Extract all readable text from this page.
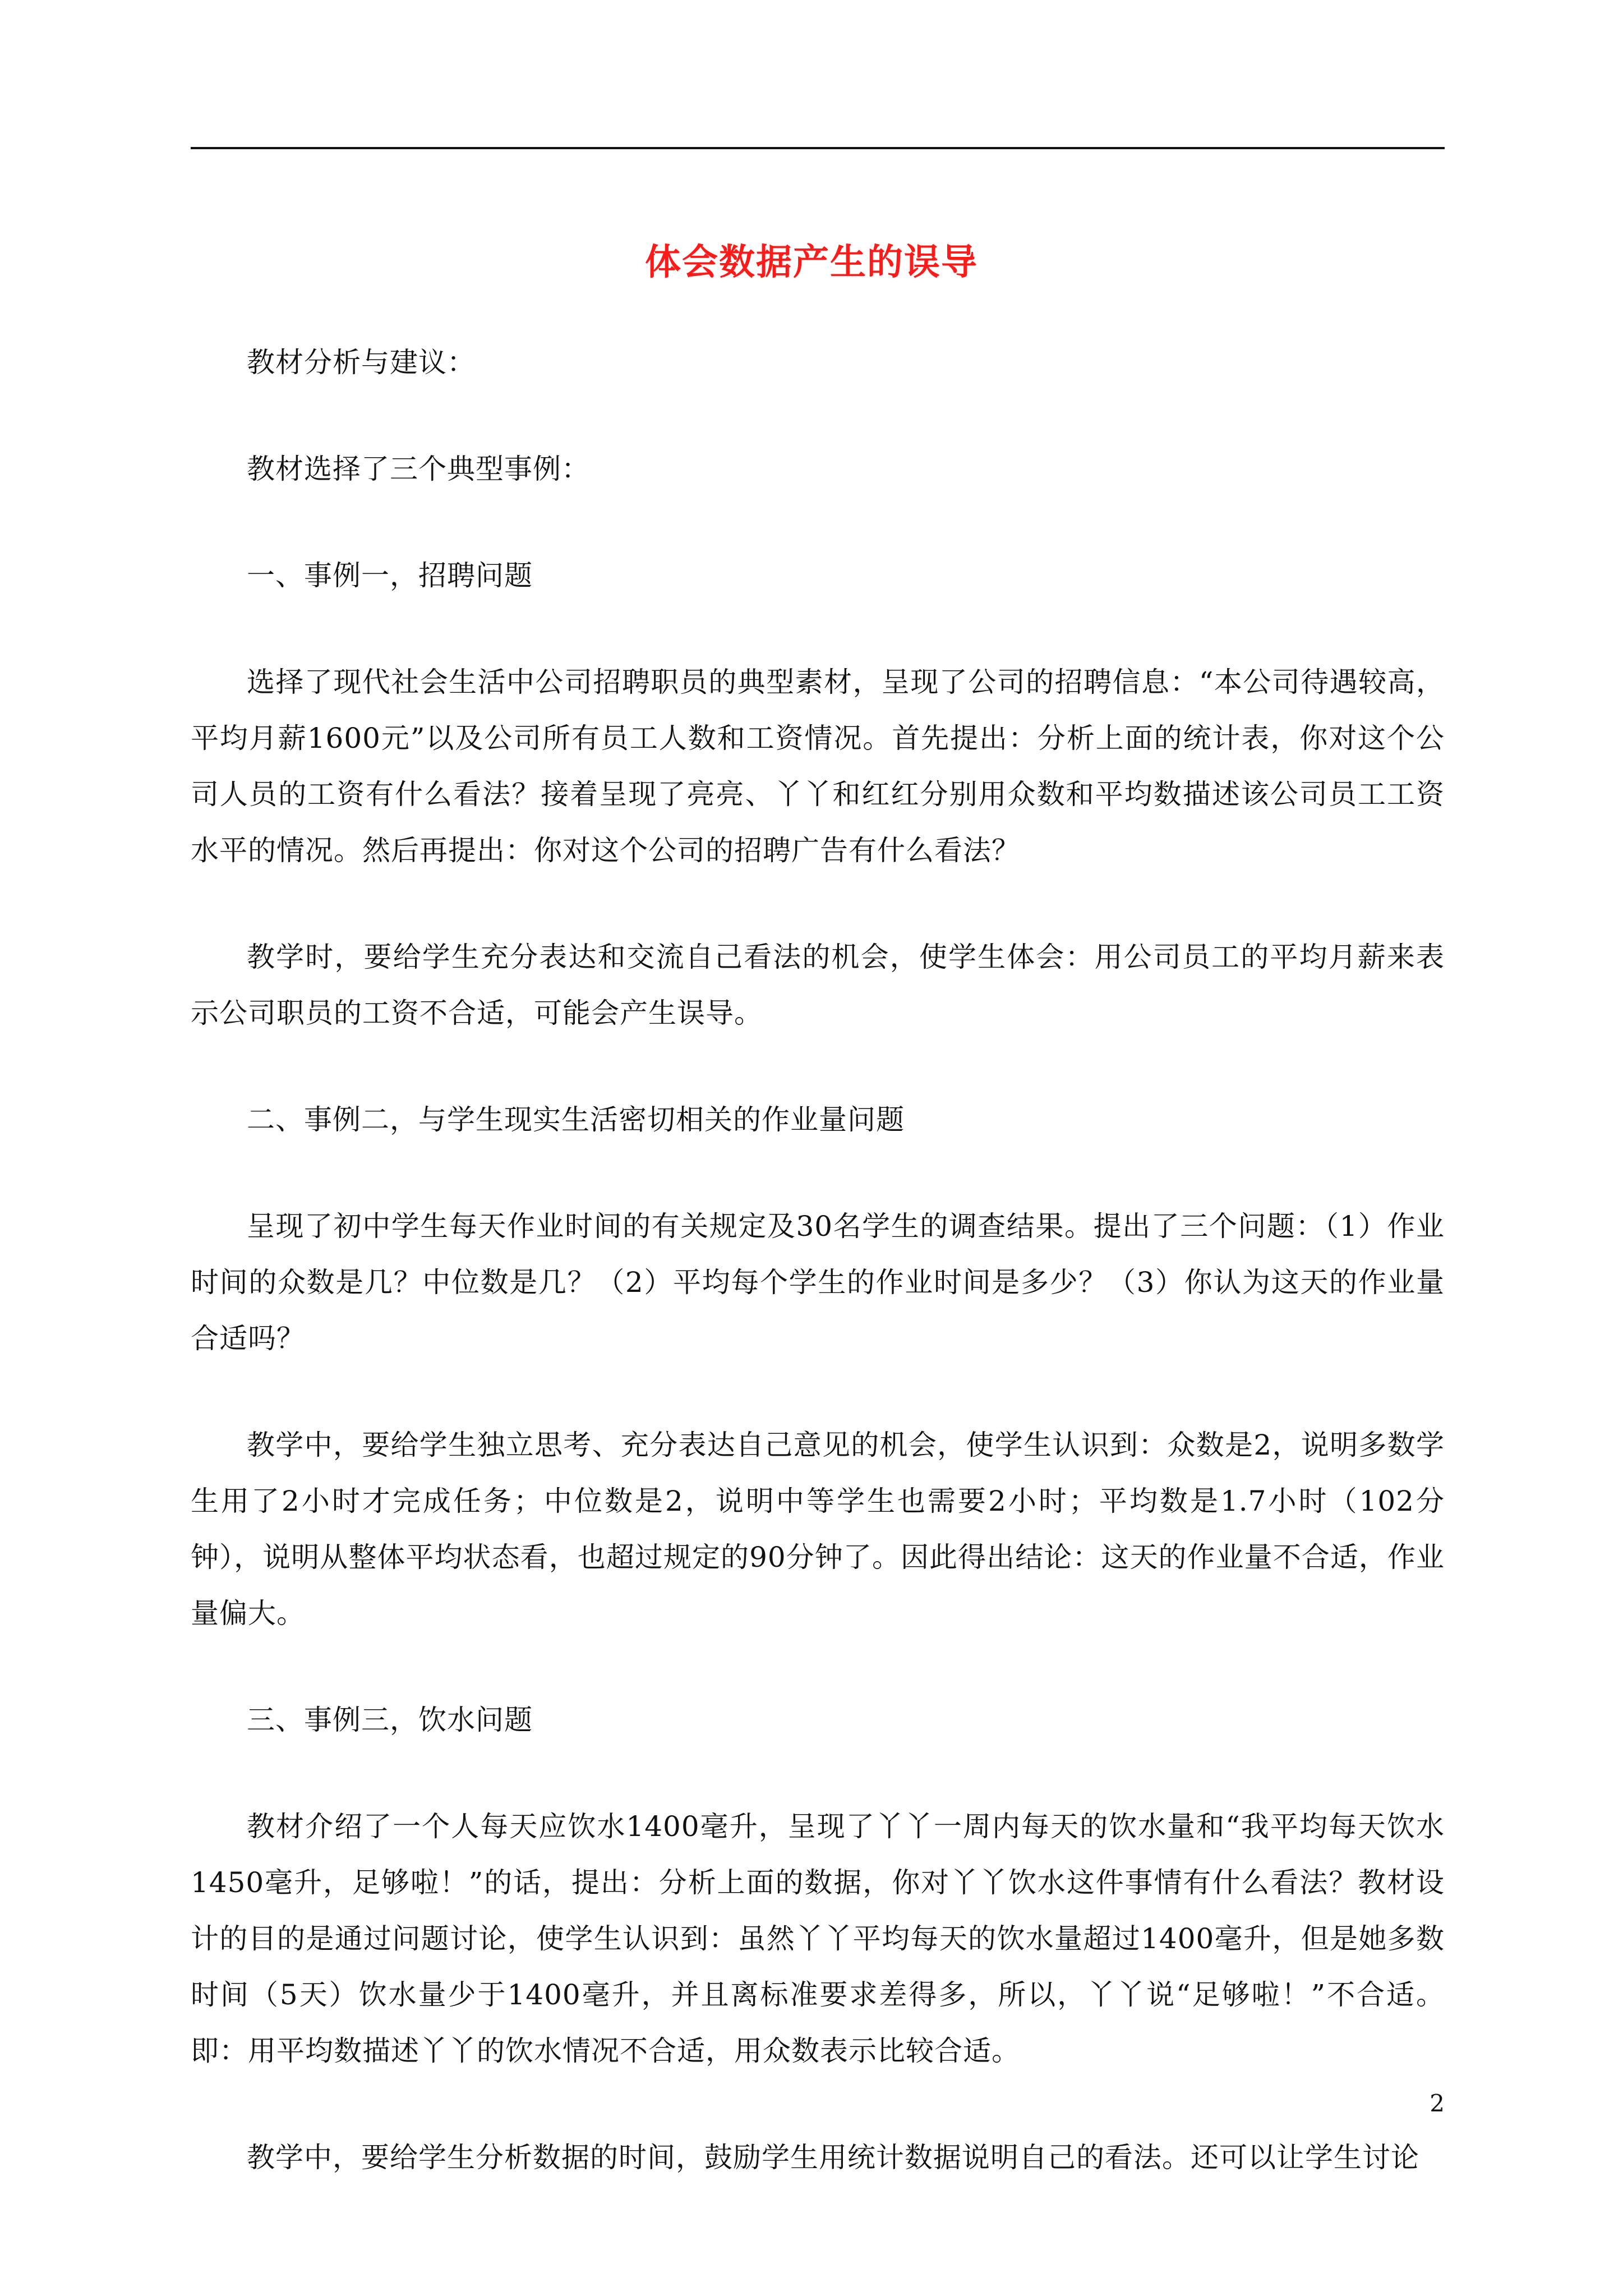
体会数据产生的误导

教材分析与建议：

教材选择了三个典型事例：

一、事例一，招聘问题

选择了现代社会生活中公司招聘职员的典型素材，呈现了公司的招聘信息：“本公司待遇较高，平均月薪1600元”以及公司所有员工人数和工资情况。首先提出：分析上面的统计表，你对这个公司人员的工资有什么看法？接着呈现了亮亮、丫丫和红红分别用众数和平均数描述该公司员工工资水平的情况。然后再提出：你对这个公司的招聘广告有什么看法？

教学时，要给学生充分表达和交流自己看法的机会，使学生体会：用公司员工的平均月薪来表示公司职员的工资不合适，可能会产生误导。

二、事例二，与学生现实生活密切相关的作业量问题

呈现了初中学生每天作业时间的有关规定及30名学生的调查结果。提出了三个问题：（1）作业时间的众数是几？中位数是几？（2）平均每个学生的作业时间是多少？（3）你认为这天的作业量合适吗？

教学中，要给学生独立思考、充分表达自己意见的机会，使学生认识到：众数是2，说明多数学生用了2小时才完成任务；中位数是2，说明中等学生也需要2小时；平均数是1.7小时（102分钟），说明从整体平均状态看，也超过规定的90分钟了。因此得出结论：这天的作业量不合适，作业量偏大。

三、事例三，饮水问题

教材介绍了一个人每天应饮水1400毫升，呈现了丫丫一周内每天的饮水量和“我平均每天饮水1450毫升，足够啦！”的话，提出：分析上面的数据，你对丫丫饮水这件事情有什么看法？教材设计的目的是通过问题讨论，使学生认识到：虽然丫丫平均每天的饮水量超过1400毫升，但是她多数时间（5天）饮水量少于1400毫升，并且离标准要求差得多，所以，丫丫说“足够啦！”不合适。即：用平均数描述丫丫的饮水情况不合适，用众数表示比较合适。

教学中，要给学生分析数据的时间，鼓励学生用统计数据说明自己的看法。还可以让学生讨论

2
